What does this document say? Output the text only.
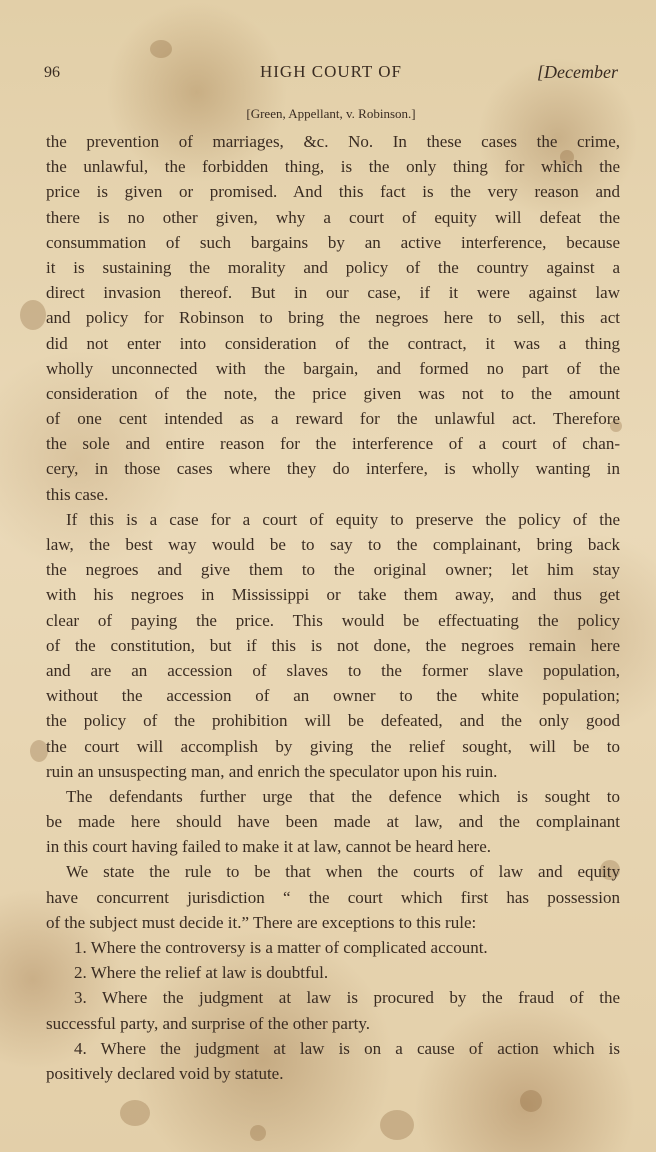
96	HIGH COURT OF	[December
[Green, Appellant, v. Robinson.]
the prevention of marriages, &c. No. In these cases the crime,
the unlawful, the forbidden thing, is the only thing for which the
price is given or promised. And this fact is the very reason and
there is no other given, why a court of equity will defeat the
consummation of such bargains by an active interference, because
it is sustaining the morality and policy of the country against a
direct invasion thereof. But in our case, if it were against law
and policy for Robinson to bring the negroes here to sell, this act
did not enter into consideration of the contract, it was a thing
wholly unconnected with the bargain, and formed no part of the
consideration of the note, the price given was not to the amount
of one cent intended as a reward for the unlawful act. Therefore
the sole and entire reason for the interference of a court of chan-
cery, in those cases where they do interfere, is wholly wanting in
this case.
If this is a case for a court of equity to preserve the policy of the
law, the best way would be to say to the complainant, bring back
the negroes and give them to the original owner; let him stay
with his negroes in Mississippi or take them away, and thus get
clear of paying the price. This would be effectuating the policy
of the constitution, but if this is not done, the negroes remain here
and are an accession of slaves to the former slave population,
without the accession of an owner to the white population;
the policy of the prohibition will be defeated, and the only good
the court will accomplish by giving the relief sought, will be to
ruin an unsuspecting man, and enrich the speculator upon his ruin.
The defendants further urge that the defence which is sought to
be made here should have been made at law, and the complainant
in this court having failed to make it at law, cannot be heard here.
We state the rule to be that when the courts of law and equity
have concurrent jurisdiction “ the court which first has possession
of the subject must decide it.” There are exceptions to this rule:
1. Where the controversy is a matter of complicated account.
2. Where the relief at law is doubtful.
3. Where the judgment at law is procured by the fraud of the
successful party, and surprise of the other party.
4. Where the judgment at law is on a cause of action which is
positively declared void by statute.
